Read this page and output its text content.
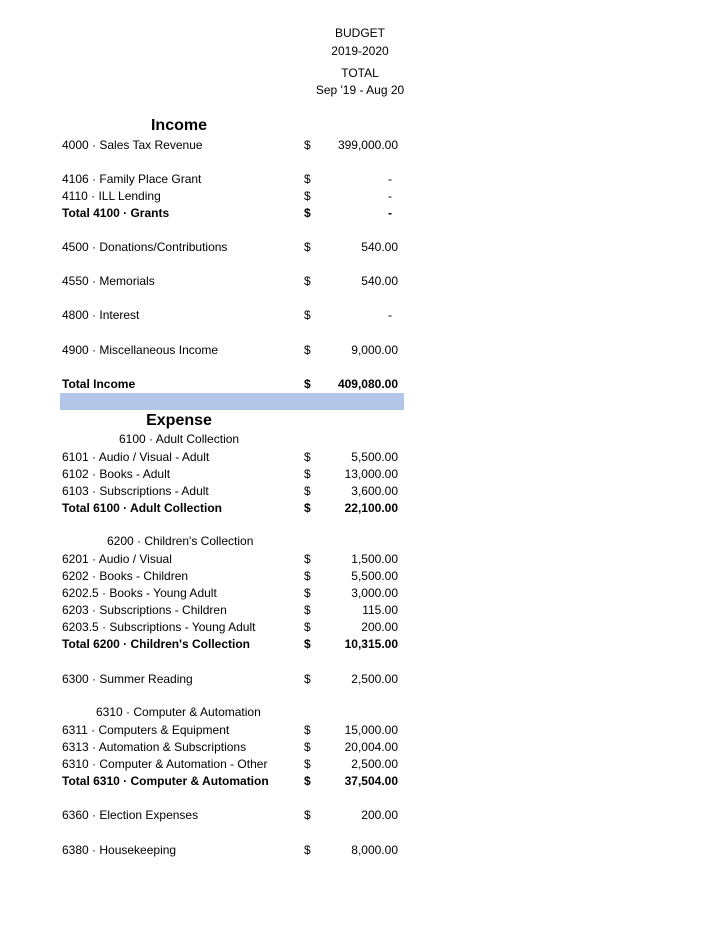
BUDGET
2019-2020
TOTAL
Sep '19 - Aug 20
Income
4000 · Sales Tax Revenue	$ 399,000.00
4106 · Family Place Grant	$	-
4110 · ILL Lending	$	-
Total 4100 · Grants	$	-
4500 · Donations/Contributions	$	540.00
4550 · Memorials	$	540.00
4800 · Interest	$	-
4900 · Miscellaneous Income	$	9,000.00
Total Income	$ 409,080.00
Expense
6100 · Adult Collection
6101 · Audio / Visual - Adult	$	5,500.00
6102 · Books - Adult	$	13,000.00
6103 · Subscriptions - Adult	$	3,600.00
Total 6100 · Adult Collection	$	22,100.00
6200 · Children's Collection
6201 · Audio / Visual	$	1,500.00
6202 · Books - Children	$	5,500.00
6202.5 · Books - Young Adult	$	3,000.00
6203 · Subscriptions - Children	$	115.00
6203.5 · Subscriptions - Young Adult	$	200.00
Total 6200 · Children's Collection	$	10,315.00
6300 · Summer Reading	$	2,500.00
6310 · Computer & Automation
6311 · Computers & Equipment	$	15,000.00
6313 · Automation & Subscriptions	$	20,004.00
6310 · Computer & Automation - Other	$	2,500.00
Total 6310 · Computer & Automation	$	37,504.00
6360 · Election Expenses	$	200.00
6380 · Housekeeping	$	8,000.00
